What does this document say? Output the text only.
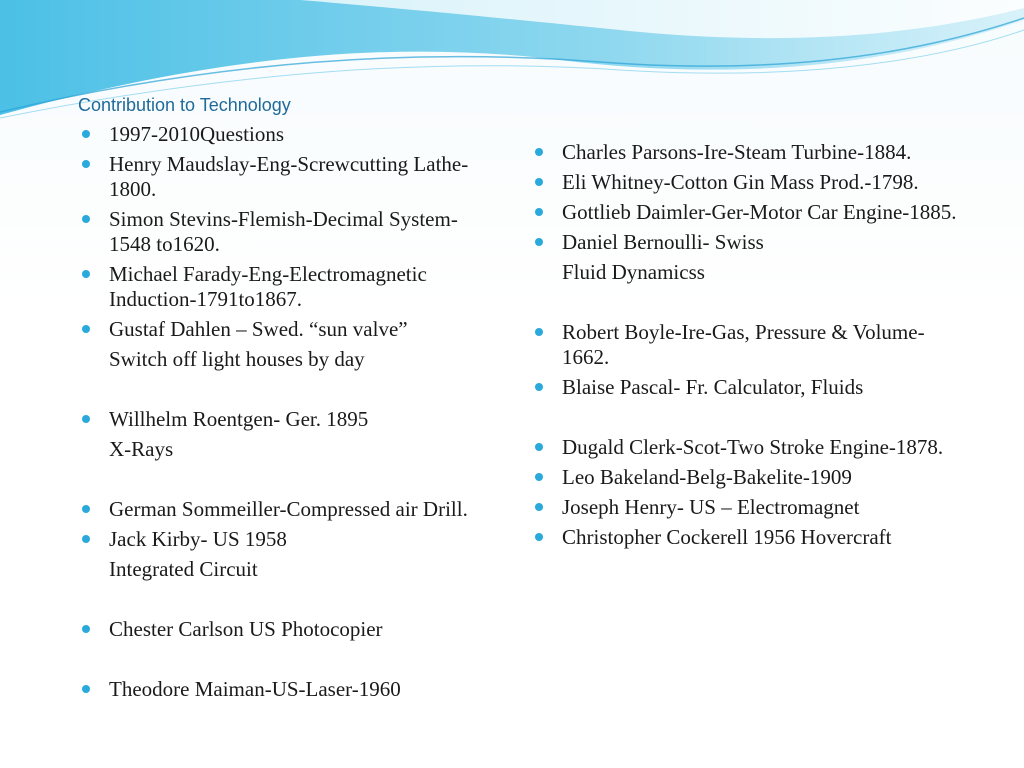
Contribution to Technology
1997-2010Questions
Henry Maudslay-Eng-Screwcutting Lathe-1800.
Simon Stevins-Flemish-Decimal System-1548 to1620.
Michael Farady-Eng-Electromagnetic Induction-1791to1867.
Gustaf Dahlen – Swed. “sun valve”
Switch off light houses by day
Willhelm Roentgen- Ger. 1895
X-Rays
German Sommeiller-Compressed air Drill.
Jack Kirby- US 1958
Integrated Circuit
Chester Carlson US Photocopier
Theodore Maiman-US-Laser-1960
Charles Parsons-Ire-Steam Turbine-1884.
Eli Whitney-Cotton Gin Mass Prod.-1798.
Gottlieb Daimler-Ger-Motor Car Engine-1885.
Daniel Bernoulli- Swiss
Fluid Dynamicss
Robert Boyle-Ire-Gas, Pressure & Volume-1662.
Blaise Pascal- Fr. Calculator, Fluids
Dugald Clerk-Scot-Two Stroke Engine-1878.
Leo Bakeland-Belg-Bakelite-1909
Joseph Henry- US – Electromagnet
Christopher Cockerell 1956 Hovercraft
